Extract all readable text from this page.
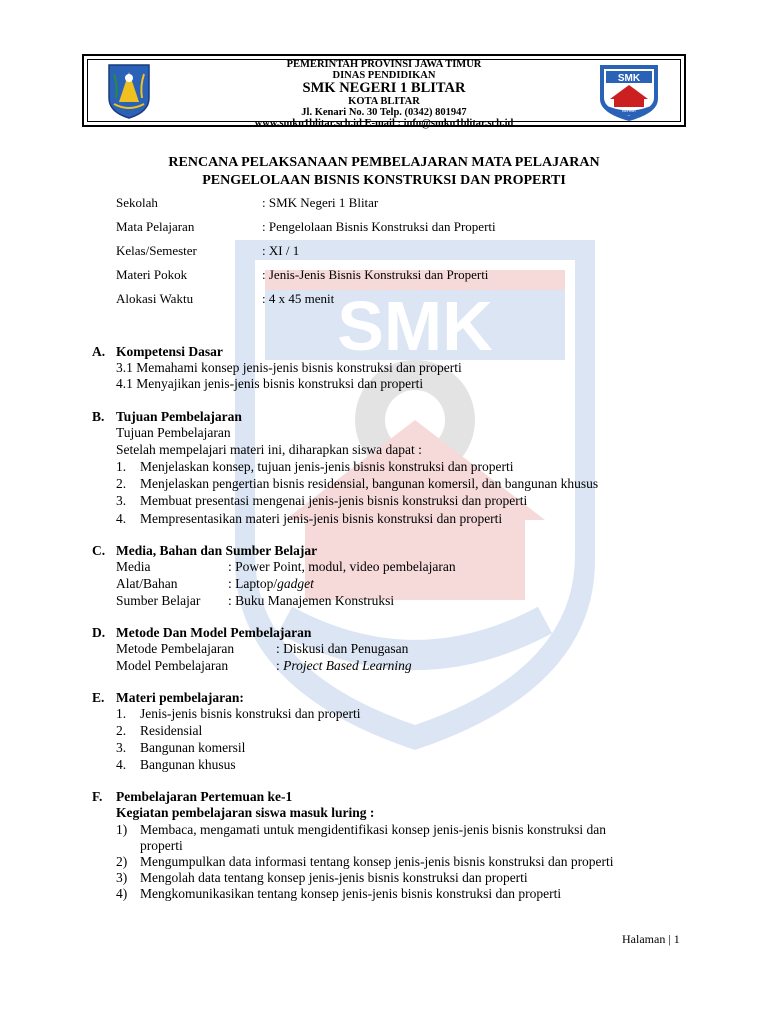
SMK
PEMERINTAH PROVINSI JAWA TIMUR
DINAS PENDIDIKAN
SMK NEGERI 1 BLITAR
KOTA BLITAR
Jl. Kenari No. 30 Telp. (0342) 801947
www.smkn1blitar.sch.id E-mail : info@smkn1blitar.sch.id
SMK
BLITAR
RENCANA PELAKSANAAN PEMBELAJARAN MATA PELAJARAN
PENGELOLAAN BISNIS KONSTRUKSI DAN PROPERTI
Sekolah	: SMK Negeri 1 Blitar
Mata Pelajaran	: Pengelolaan Bisnis Konstruksi dan Properti
Kelas/Semester	: XI / 1
Materi Pokok	: Jenis-Jenis Bisnis Konstruksi dan Properti
Alokasi Waktu	: 4 x 45 menit
A. Kompetensi Dasar
3.1 Memahami konsep jenis-jenis bisnis konstruksi dan properti
4.1 Menyajikan jenis-jenis bisnis konstruksi dan properti
B. Tujuan Pembelajaran
Tujuan Pembelajaran
Setelah mempelajari materi ini, diharapkan siswa dapat :
1. Menjelaskan konsep, tujuan jenis-jenis bisnis konstruksi dan properti
2. Menjelaskan pengertian bisnis residensial, bangunan komersil, dan bangunan khusus
3. Membuat presentasi mengenai jenis-jenis bisnis konstruksi dan properti
4. Mempresentasikan materi jenis-jenis bisnis konstruksi dan properti
C. Media, Bahan dan Sumber Belajar
Media	: Power Point, modul, video pembelajaran
Alat/Bahan	: Laptop/gadget
Sumber Belajar : Buku Manajemen Konstruksi
D. Metode Dan Model Pembelajaran
Metode Pembelajaran	: Diskusi dan Penugasan
Model Pembelajaran	: Project Based Learning
E. Materi pembelajaran:
1. Jenis-jenis bisnis konstruksi dan properti
2. Residensial
3. Bangunan komersil
4. Bangunan khusus
F. Pembelajaran Pertemuan ke-1
Kegiatan pembelajaran siswa masuk luring :
1) Membaca, mengamati untuk mengidentifikasi konsep jenis-jenis bisnis konstruksi dan
properti
2) Mengumpulkan data informasi tentang konsep jenis-jenis bisnis konstruksi dan properti
3) Mengolah data tentang konsep jenis-jenis bisnis konstruksi dan properti
4) Mengkomunikasikan tentang konsep jenis-jenis bisnis konstruksi dan properti
Halaman | 1
